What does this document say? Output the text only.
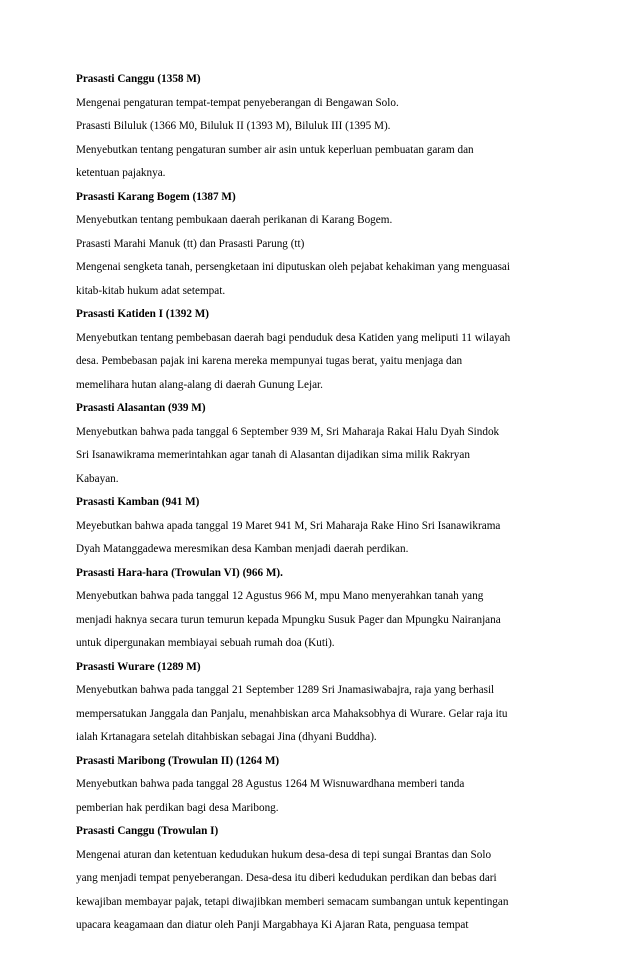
Prasasti Canggu (1358 M)
Mengenai pengaturan tempat-tempat penyeberangan di Bengawan Solo.
Prasasti Biluluk (1366 M0, Biluluk II (1393 M), Biluluk III (1395 M).
Menyebutkan tentang pengaturan sumber air asin untuk keperluan pembuatan garam dan
ketentuan pajaknya.
Prasasti Karang Bogem (1387 M)
Menyebutkan tentang pembukaan daerah perikanan di Karang Bogem.
Prasasti Marahi Manuk (tt) dan Prasasti Parung (tt)
Mengenai sengketa tanah, persengketaan ini diputuskan oleh pejabat kehakiman yang menguasai
kitab-kitab hukum adat setempat.
Prasasti Katiden I (1392 M)
Menyebutkan tentang pembebasan daerah bagi penduduk desa Katiden yang meliputi 11 wilayah
desa. Pembebasan pajak ini karena mereka mempunyai tugas berat, yaitu menjaga dan
memelihara hutan alang-alang di daerah Gunung Lejar.
Prasasti Alasantan (939 M)
Menyebutkan bahwa pada tanggal 6 September 939 M, Sri Maharaja Rakai Halu Dyah Sindok
Sri Isanawikrama memerintahkan agar tanah di Alasantan dijadikan sima milik Rakryan
Kabayan.
Prasasti Kamban (941 M)
Meyebutkan bahwa apada tanggal 19 Maret 941 M, Sri Maharaja Rake Hino Sri Isanawikrama
Dyah Matanggadewa meresmikan desa Kamban menjadi daerah perdikan.
Prasasti Hara-hara (Trowulan VI) (966 M).
Menyebutkan bahwa pada tanggal 12 Agustus 966 M, mpu Mano menyerahkan tanah yang
menjadi haknya secara turun temurun kepada Mpungku Susuk Pager dan Mpungku Nairanjana
untuk dipergunakan membiayai sebuah rumah doa (Kuti).
Prasasti Wurare (1289 M)
Menyebutkan bahwa pada tanggal 21 September 1289 Sri Jnamasiwabajra, raja yang berhasil
mempersatukan Janggala dan Panjalu, menahbiskan arca Mahaksobhya di Wurare. Gelar raja itu
ialah Krtanagara setelah ditahbiskan sebagai Jina (dhyani Buddha).
Prasasti Maribong (Trowulan II) (1264 M)
Menyebutkan bahwa pada tanggal 28 Agustus 1264 M Wisnuwardhana memberi tanda
pemberian hak perdikan bagi desa Maribong.
Prasasti Canggu (Trowulan I)
Mengenai aturan dan ketentuan kedudukan hukum desa-desa di tepi sungai Brantas dan Solo
yang menjadi tempat penyeberangan. Desa-desa itu diberi kedudukan perdikan dan bebas dari
kewajiban membayar pajak, tetapi diwajibkan memberi semacam sumbangan untuk kepentingan
upacara keagamaan dan diatur oleh Panji Margabhaya Ki Ajaran Rata, penguasa tempat
